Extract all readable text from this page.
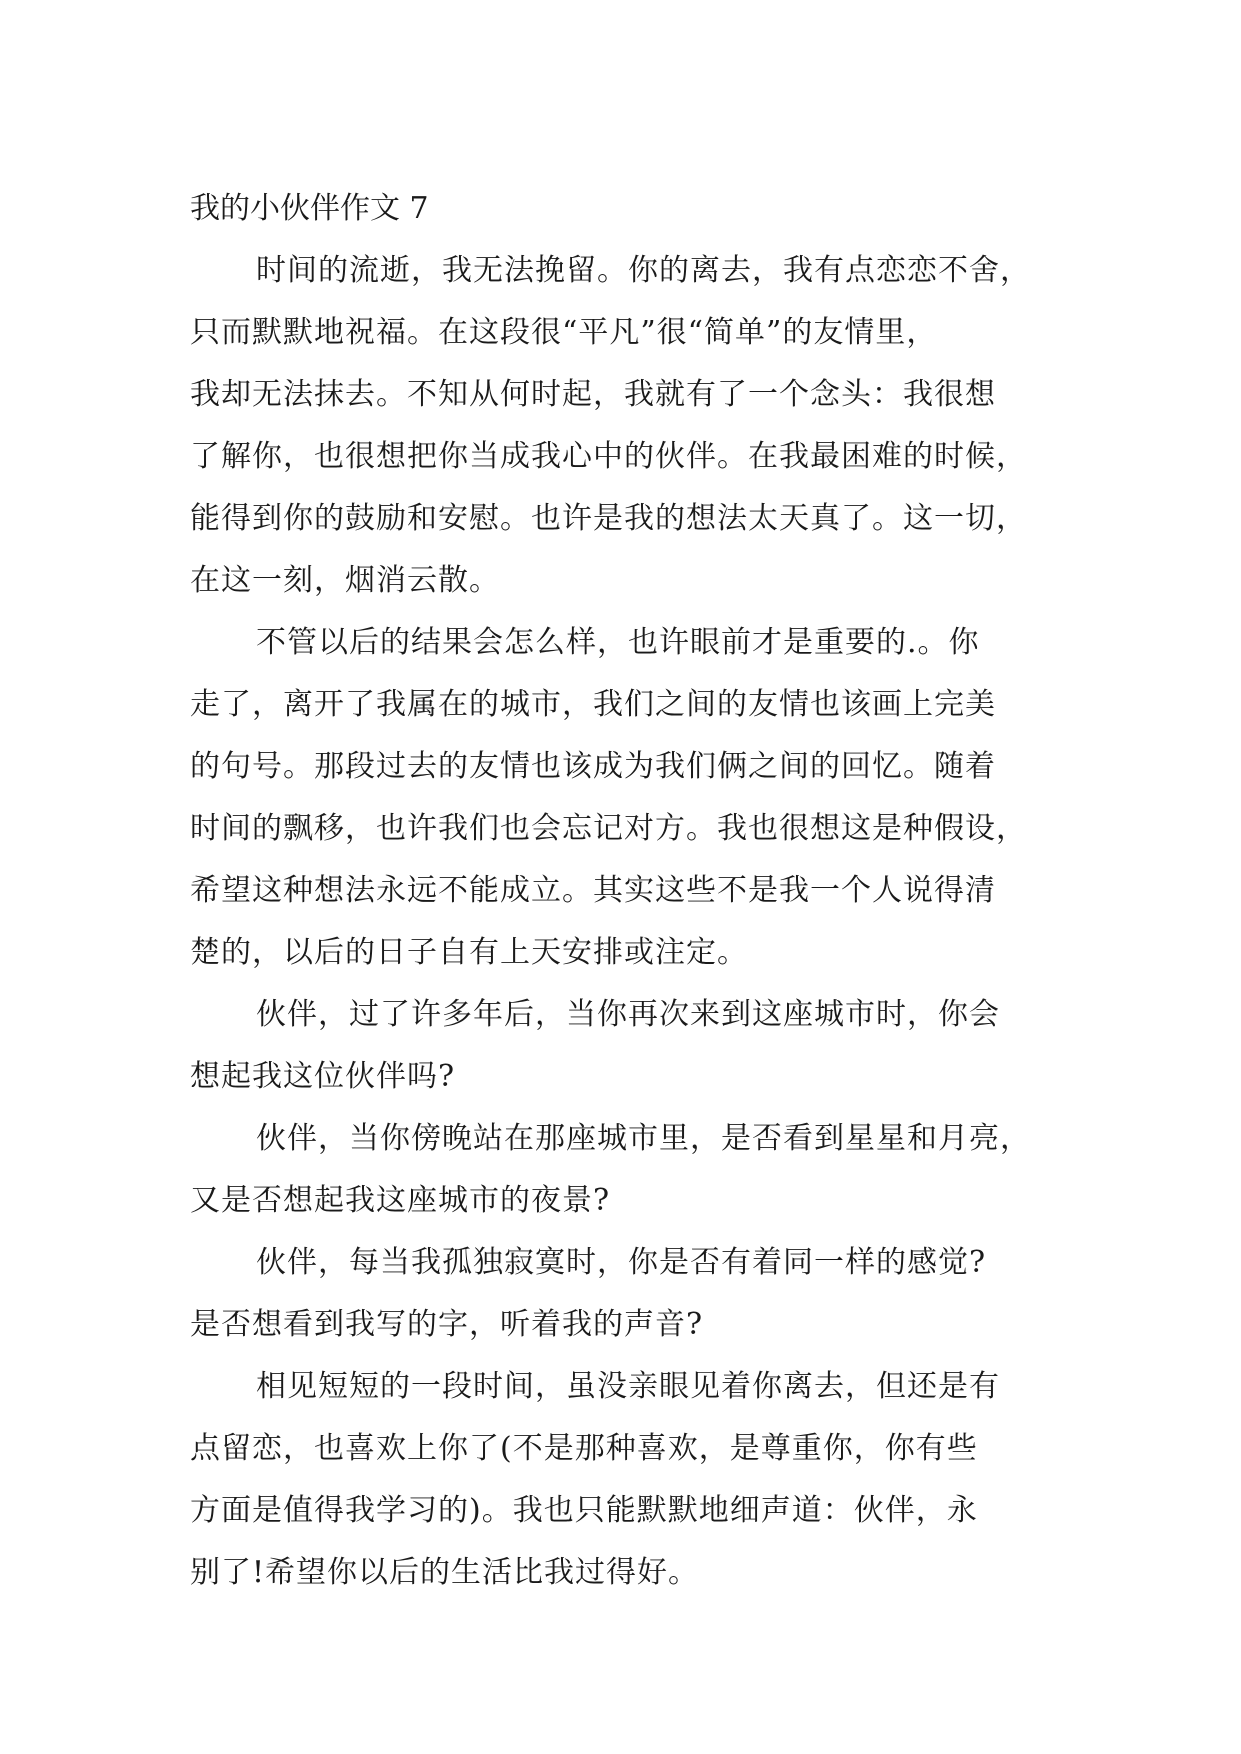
我的小伙伴作文 7

时间的流逝，我无法挽留。你的离去，我有点恋恋不舍，
只而默默地祝福。在这段很“平凡”很“简单”的友情里，
我却无法抹去。不知从何时起，我就有了一个念头：我很想
了解你，也很想把你当成我心中的伙伴。在我最困难的时候，
能得到你的鼓励和安慰。也许是我的想法太天真了。这一切，
在这一刻，烟消云散。

不管以后的结果会怎么样，也许眼前才是重要的.。你
走了，离开了我属在的城市，我们之间的友情也该画上完美
的句号。那段过去的友情也该成为我们俩之间的回忆。随着
时间的飘移，也许我们也会忘记对方。我也很想这是种假设，
希望这种想法永远不能成立。其实这些不是我一个人说得清
楚的，以后的日子自有上天安排或注定。

伙伴，过了许多年后，当你再次来到这座城市时，你会
想起我这位伙伴吗?

伙伴，当你傍晚站在那座城市里，是否看到星星和月亮，
又是否想起我这座城市的夜景?

伙伴，每当我孤独寂寞时，你是否有着同一样的感觉?
是否想看到我写的字，听着我的声音?

相见短短的一段时间，虽没亲眼见着你离去，但还是有
点留恋，也喜欢上你了(不是那种喜欢，是尊重你，你有些
方面是值得我学习的)。我也只能默默地细声道：伙伴，永
别了!希望你以后的生活比我过得好。
